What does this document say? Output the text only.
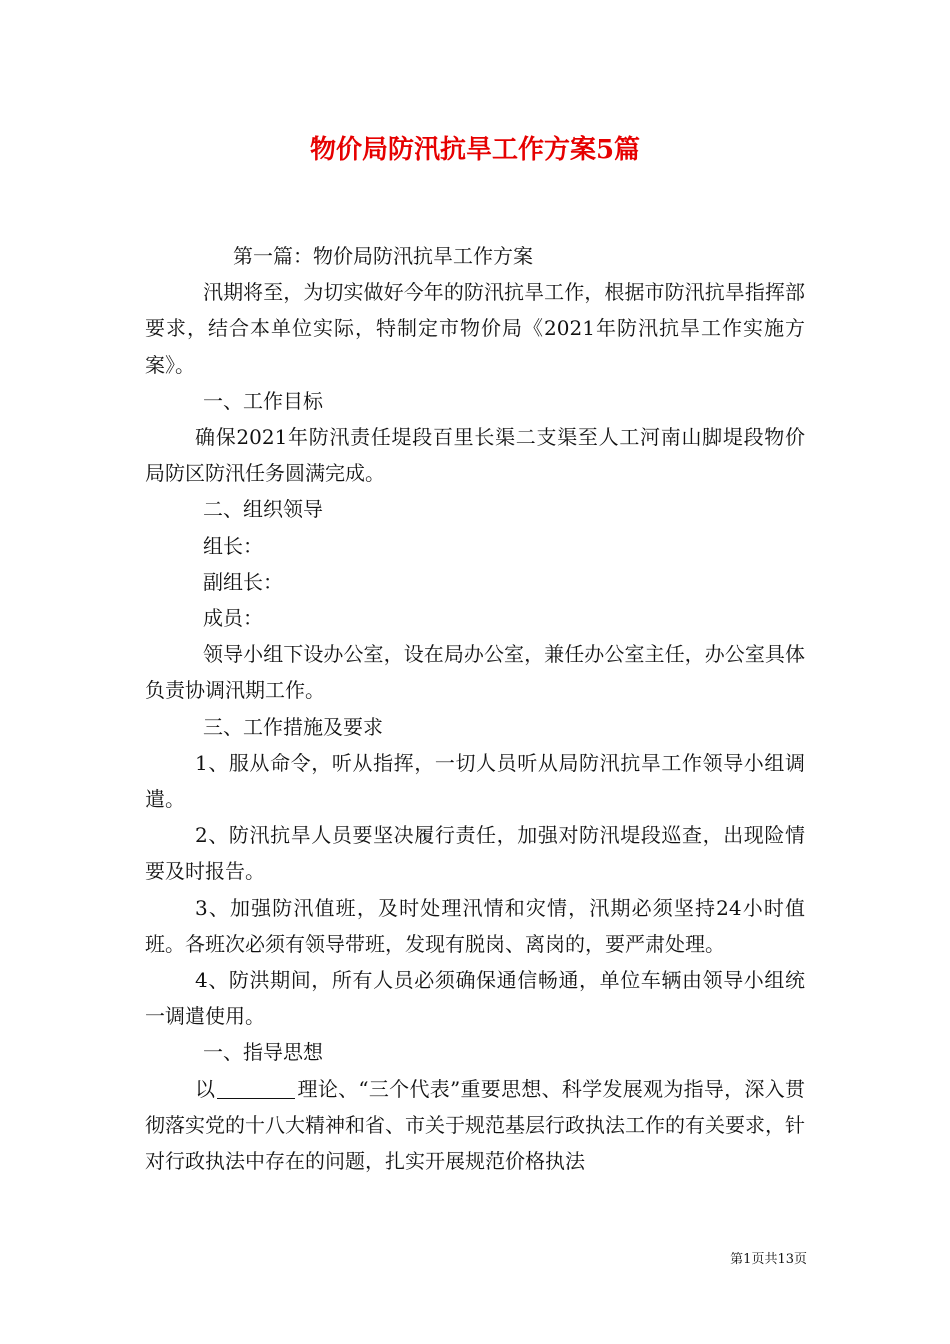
物价局防汛抗旱工作方案5篇

第一篇：物价局防汛抗旱工作方案

汛期将至，为切实做好今年的防汛抗旱工作，根据市防汛抗旱指挥部要求，结合本单位实际，特制定市物价局《2021年防汛抗旱工作实施方案》。

一、工作目标

确保2021年防汛责任堤段百里长渠二支渠至人工河南山脚堤段物价局防区防汛任务圆满完成。

二、组织领导

组长：

副组长：

成员：

领导小组下设办公室，设在局办公室，兼任办公室主任，办公室具体负责协调汛期工作。

三、工作措施及要求

1、服从命令，听从指挥，一切人员听从局防汛抗旱工作领导小组调遣。

2、防汛抗旱人员要坚决履行责任，加强对防汛堤段巡查，出现险情要及时报告。

3、加强防汛值班，及时处理汛情和灾情，汛期必须坚持24小时值班。各班次必须有领导带班，发现有脱岗、离岗的，要严肃处理。

4、防洪期间，所有人员必须确保通信畅通，单位车辆由领导小组统一调遣使用。

一、指导思想

以	理论、“三个代表”重要思想、科学发展观为指导，深入贯彻落实党的十八大精神和省、市关于规范基层行政执法工作的有关要求，针对行政执法中存在的问题，扎实开展规范价格执法

第1页共13页
